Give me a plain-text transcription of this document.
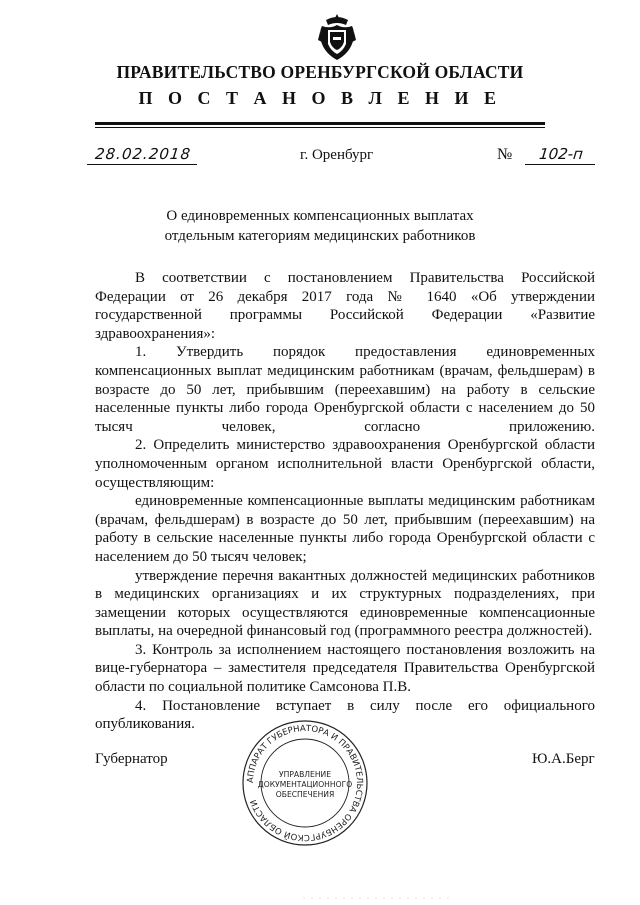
ПРАВИТЕЛЬСТВО ОРЕНБУРГСКОЙ ОБЛАСТИ
П О С Т А Н О В Л Е Н И Е
28.02.2018	г. Оренбург	№	102-п
О единовременных компенсационных выплатах
отдельным категориям медицинских работников

В соответствии с постановлением Правительства Российской Федерации от 26 декабря 2017 года № 1640 «Об утверждении государственной программы Российской Федерации «Развитие здравоохранения»:

1. Утвердить порядок предоставления единовременных компенсационных выплат медицинским работникам (врачам, фельдшерам) в возрасте до 50 лет, прибывшим (переехавшим) на работу в сельские населенные пункты либо города Оренбургской области с населением до 50 тысяч человек, согласно приложению.

2. Определить министерство здравоохранения Оренбургской области уполномоченным органом исполнительной власти Оренбургской области, осуществляющим:

единовременные компенсационные выплаты медицинским работникам (врачам, фельдшерам) в возрасте до 50 лет, прибывшим (переехавшим) на работу в сельские населенные пункты либо города Оренбургской области с населением до 50 тысяч человек;

утверждение перечня вакантных должностей медицинских работников в медицинских организациях и их структурных подразделениях, при замещении которых осуществляются единовременные компенсационные выплаты, на очередной финансовый год (программного реестра должностей).

3. Контроль за исполнением настоящего постановления возложить на вице-губернатора – заместителя председателя Правительства Оренбургской области по социальной политике Самсонова П.В.

4. Постановление вступает в силу после его официального опубликования.

Губернатор	Ю.А.Берг
АППАРАТ ГУБЕРНАТОРА И ПРАВИТЕЛЬСТВА ОРЕНБУРГСКОЙ ОБЛАСТИ
УПРАВЛЕНИЕ
ДОКУМЕНТАЦИОННОГО
ОБЕСПЕЧЕНИЯ
